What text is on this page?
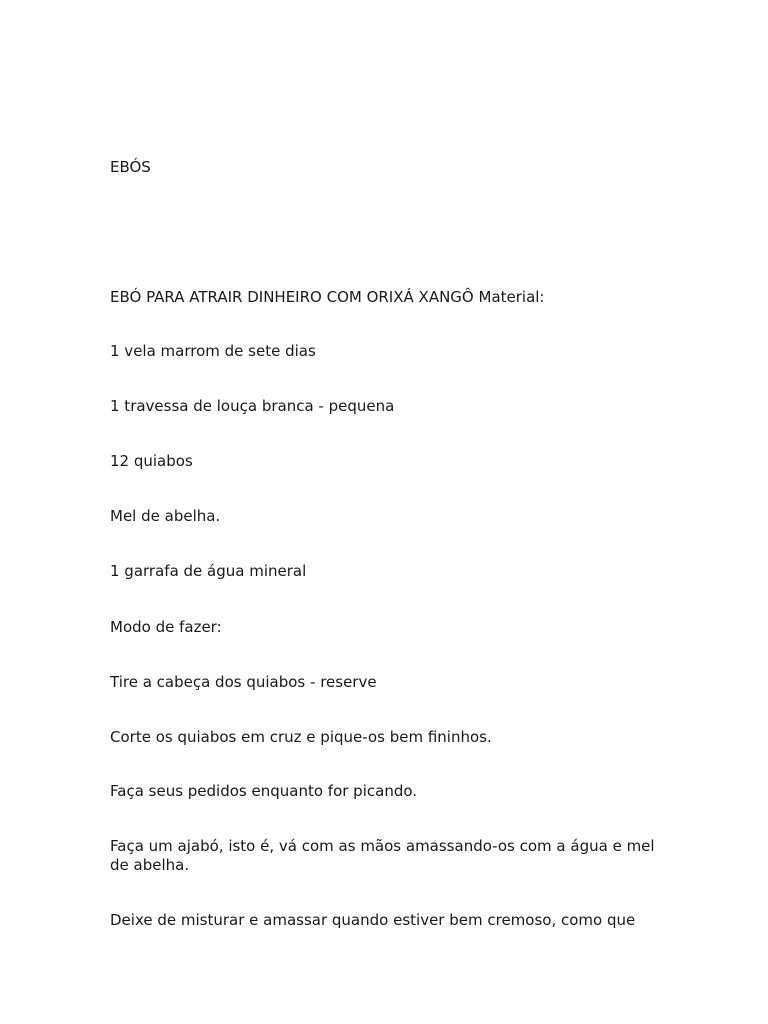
EBÓS

EBÓ PARA ATRAIR DINHEIRO COM ORIXÁ XANGÔ Material:

1 vela marrom de sete dias

1 travessa de louça branca - pequena

12 quiabos

Mel de abelha.

1 garrafa de água mineral

Modo de fazer:

Tire a cabeça dos quiabos - reserve

Corte os quiabos em cruz e pique-os bem fininhos.

Faça seus pedidos enquanto for picando.

Faça um ajabó, isto é, vá com as mãos amassando-os com a água e mel de abelha.

Deixe de misturar e amassar quando estiver bem cremoso, como que
